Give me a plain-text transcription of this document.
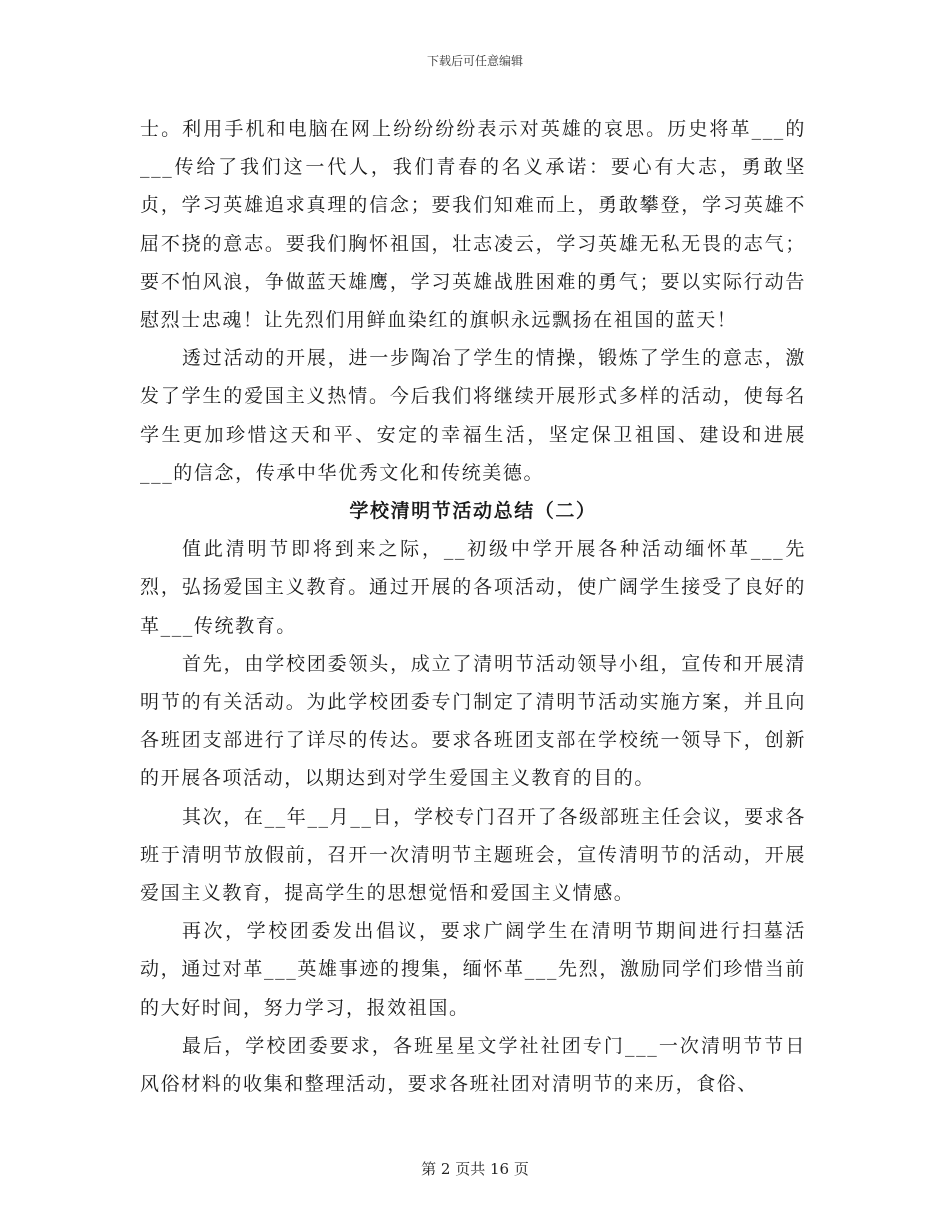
下载后可任意编辑

士。利用手机和电脑在网上纷纷纷纷表示对英雄的哀思。历史将革___的___传给了我们这一代人，我们青春的名义承诺：要心有大志，勇敢坚贞，学习英雄追求真理的信念；要我们知难而上，勇敢攀登，学习英雄不屈不挠的意志。要我们胸怀祖国，壮志凌云，学习英雄无私无畏的志气；要不怕风浪，争做蓝天雄鹰，学习英雄战胜困难的勇气；要以实际行动告慰烈士忠魂！让先烈们用鲜血染红的旗帜永远飘扬在祖国的蓝天！

透过活动的开展，进一步陶冶了学生的情操，锻炼了学生的意志，激发了学生的爱国主义热情。今后我们将继续开展形式多样的活动，使每名学生更加珍惜这天和平、安定的幸福生活，坚定保卫祖国、建设和进展___的信念，传承中华优秀文化和传统美德。

学校清明节活动总结（二）

值此清明节即将到来之际，__初级中学开展各种活动缅怀革___先烈，弘扬爱国主义教育。通过开展的各项活动，使广阔学生接受了良好的革___传统教育。

首先，由学校团委领头，成立了清明节活动领导小组，宣传和开展清明节的有关活动。为此学校团委专门制定了清明节活动实施方案，并且向各班团支部进行了详尽的传达。要求各班团支部在学校统一领导下，创新的开展各项活动，以期达到对学生爱国主义教育的目的。

其次，在__年__月__日，学校专门召开了各级部班主任会议，要求各班于清明节放假前，召开一次清明节主题班会，宣传清明节的活动，开展爱国主义教育，提高学生的思想觉悟和爱国主义情感。

再次，学校团委发出倡议，要求广阔学生在清明节期间进行扫墓活动，通过对革___英雄事迹的搜集，缅怀革___先烈，激励同学们珍惜当前的大好时间，努力学习，报效祖国。

最后，学校团委要求，各班星星文学社社团专门___一次清明节节日风俗材料的收集和整理活动，要求各班社团对清明节的来历，食俗、

第 2 页共 16 页
